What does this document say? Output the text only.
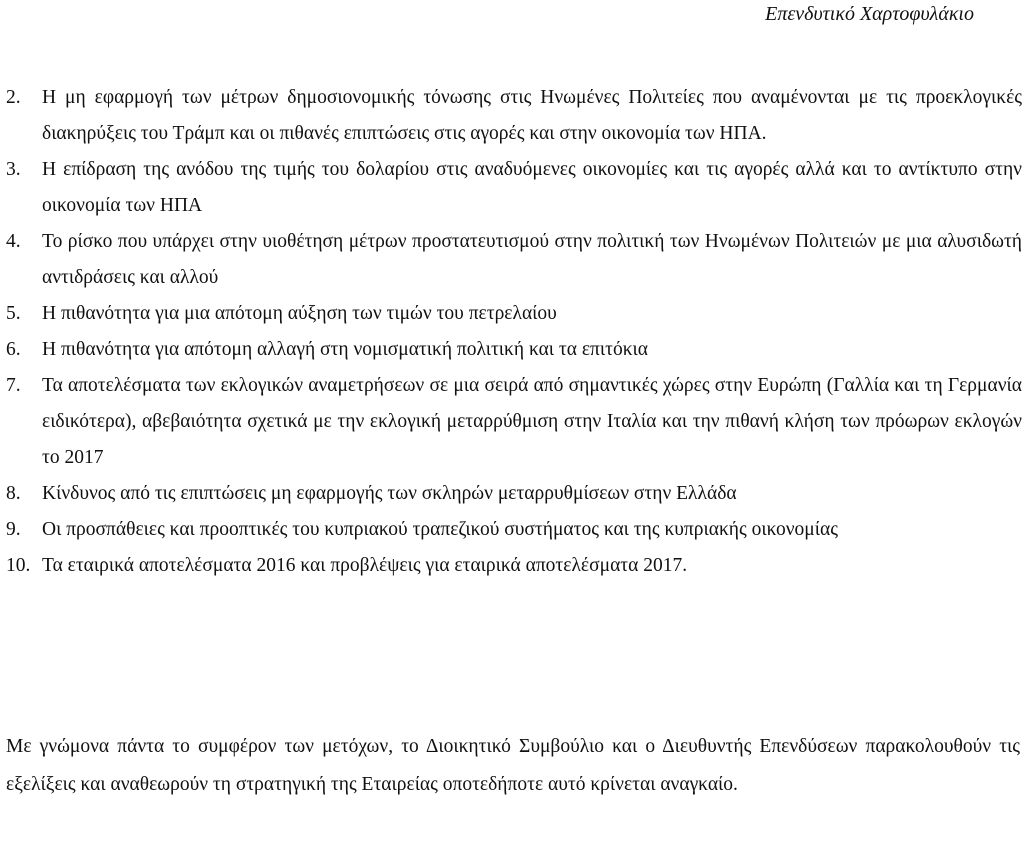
Επενδυτικό Χαρτοφυλάκιο
2.	Η μη εφαρμογή των μέτρων δημοσιονομικής τόνωσης στις Ηνωμένες Πολιτείες που αναμένονται με τις προεκλογικές διακηρύξεις του Τράμπ και οι πιθανές επιπτώσεις στις αγορές και στην οικονομία των ΗΠΑ.
3.	Η επίδραση της ανόδου της τιμής του δολαρίου στις αναδυόμενες οικονομίες και τις αγορές αλλά και το αντίκτυπο στην οικονομία των ΗΠΑ
4.	Το ρίσκο που υπάρχει στην υιοθέτηση μέτρων προστατευτισμού στην πολιτική των Ηνωμένων Πολιτειών με μια αλυσιδωτή αντιδράσεις και αλλού
5.	Η πιθανότητα για μια απότομη αύξηση των τιμών του πετρελαίου
6.	Η πιθανότητα για απότομη αλλαγή στη νομισματική πολιτική και τα επιτόκια
7.	Τα αποτελέσματα των εκλογικών αναμετρήσεων σε μια σειρά από σημαντικές χώρες στην Ευρώπη (Γαλλία και τη Γερμανία ειδικότερα), αβεβαιότητα σχετικά με την εκλογική μεταρρύθμιση στην Ιταλία και την πιθανή κλήση των πρόωρων εκλογών το 2017
8.	Κίνδυνος από τις επιπτώσεις μη εφαρμογής των σκληρών μεταρρυθμίσεων στην Ελλάδα
9.	Οι προσπάθειες και προοπτικές του κυπριακού τραπεζικού συστήματος και της κυπριακής οικονομίας
10. Τα εταιρικά αποτελέσματα 2016 και προβλέψεις για εταιρικά αποτελέσματα 2017.

Με γνώμονα πάντα το συμφέρον των μετόχων, το Διοικητικό Συμβούλιο και ο Διευθυντής Επενδύσεων παρακολουθούν τις εξελίξεις και αναθεωρούν τη στρατηγική της Εταιρείας οποτεδήποτε αυτό κρίνεται αναγκαίο.
